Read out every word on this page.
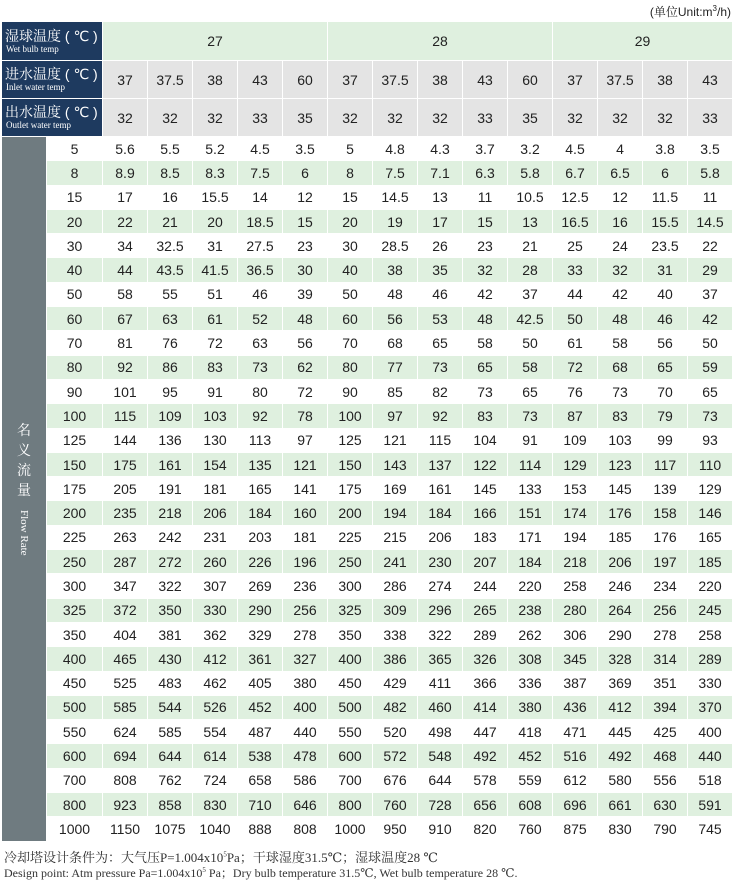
(单位$Unit:m^3/h$)
湿球温度 ( ℃ )
Wet bulb temp		27					28					29			

进水温度 ( ℃ )
Inlet water temp		37	37.5	38	43	60	37	37.5	38	43	60	37	37.5	38	43

出水温度 ( ℃ )
Outlet water temp		32	32	32	33	35	32	32	32	33	35	32	32	32	33

名
义
流
量
Flow Rate	5	5.6	5.5	5.2	4.5	3.5	5	4.8	4.3	3.7	3.2	4.5	4	3.8	3.5
	8	8.9	8.5	8.3	7.5	6	8	7.5	7.1	6.3	5.8	6.7	6.5	6	5.8
	15	17	16	15.5	14	12	15	14.5	13	11	10.5	12.5	12	11.5	11
	20	22	21	20	18.5	15	20	19	17	15	13	16.5	16	15.5	14.5
	30	34	32.5	31	27.5	23	30	28.5	26	23	21	25	24	23.5	22
	40	44	43.5	41.5	36.5	30	40	38	35	32	28	33	32	31	29
	50	58	55	51	46	39	50	48	46	42	37	44	42	40	37
	60	67	63	61	52	48	60	56	53	48	42.5	50	48	46	42
	70	81	76	72	63	56	70	68	65	58	50	61	58	56	50
	80	92	86	83	73	62	80	77	73	65	58	72	68	65	59
	90	101	95	91	80	72	90	85	82	73	65	76	73	70	65
	100	115	109	103	92	78	100	97	92	83	73	87	83	79	73
	125	144	136	130	113	97	125	121	115	104	91	109	103	99	93
	150	175	161	154	135	121	150	143	137	122	114	129	123	117	110
	175	205	191	181	165	141	175	169	161	145	133	153	145	139	129
	200	235	218	206	184	160	200	194	184	166	151	174	176	158	146
	225	263	242	231	203	181	225	215	206	183	171	194	185	176	165
	250	287	272	260	226	196	250	241	230	207	184	218	206	197	185
	300	347	322	307	269	236	300	286	274	244	220	258	246	234	220
	325	372	350	330	290	256	325	309	296	265	238	280	264	256	245
	350	404	381	362	329	278	350	338	322	289	262	306	290	278	258
	400	465	430	412	361	327	400	386	365	326	308	345	328	314	289
	450	525	483	462	405	380	450	429	411	366	336	387	369	351	330
	500	585	544	526	452	400	500	482	460	414	380	436	412	394	370
	550	624	585	554	487	440	550	520	498	447	418	471	445	425	400
	600	694	644	614	538	478	600	572	548	492	452	516	492	468	440
	700	808	762	724	658	586	700	676	644	578	559	612	580	556	518
	800	923	858	830	710	646	800	760	728	656	608	696	661	630	591
	1000	1150	1075	1040	888	808	1000	950	910	820	760	875	830	790	745
冷却塔设计条件为：大气压$P=1.004x10^5Pa$；干球湿度31.5℃；湿球温度28 ℃
Design point: Atm pressure $Pa=1.004x10^5$ Pa；Dry bulb temperature 31.5℃, Wet bulb temperature 28 ℃.
